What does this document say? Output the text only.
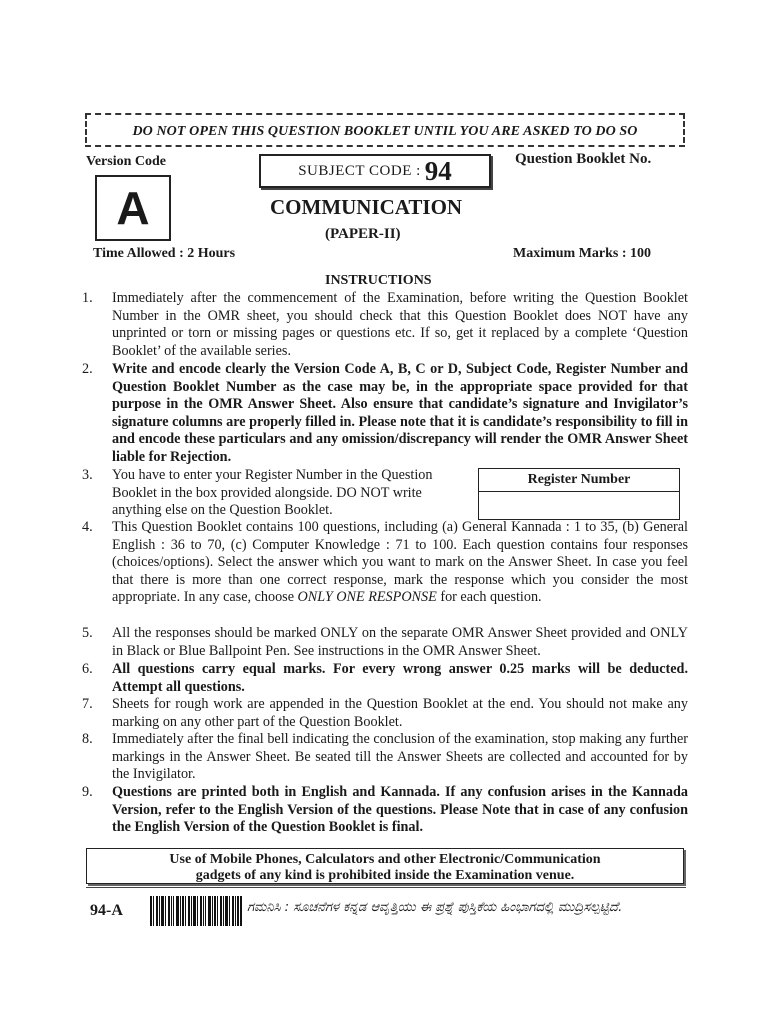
DO NOT OPEN THIS QUESTION BOOKLET UNTIL YOU ARE ASKED TO DO SO
Version Code
A
SUBJECT CODE : 94	Question Booklet No.
COMMUNICATION
(PAPER-II)
Time Allowed : 2 Hours	Maximum Marks : 100
INSTRUCTIONS
1. Immediately after the commencement of the Examination, before writing the Question Booklet Number in the OMR sheet, you should check that this Question Booklet does NOT have any unprinted or torn or missing pages or questions etc. If so, get it replaced by a complete ‘Question Booklet’ of the available series.
2. Write and encode clearly the Version Code A, B, C or D, Subject Code, Register Number and Question Booklet Number as the case may be, in the appropriate space provided for that purpose in the OMR Answer Sheet. Also ensure that candidate’s signature and Invigilator’s signature columns are properly filled in. Please note that it is candidate’s responsibility to fill in and encode these particulars and any omission/discrepancy will render the OMR Answer Sheet liable for Rejection.
3. You have to enter your Register Number in the Question Booklet in the box provided alongside. DO NOT write anything else on the Question Booklet.
Register Number
4. This Question Booklet contains 100 questions, including (a) General Kannada : 1 to 35, (b) General English : 36 to 70, (c) Computer Knowledge : 71 to 100. Each question contains four responses (choices/options). Select the answer which you want to mark on the Answer Sheet. In case you feel that there is more than one correct response, mark the response which you consider the most appropriate. In any case, choose ONLY ONE RESPONSE for each question.
5. All the responses should be marked ONLY on the separate OMR Answer Sheet provided and ONLY in Black or Blue Ballpoint Pen. See instructions in the OMR Answer Sheet.
6. All questions carry equal marks. For every wrong answer 0.25 marks will be deducted. Attempt all questions.
7. Sheets for rough work are appended in the Question Booklet at the end. You should not make any marking on any other part of the Question Booklet.
8. Immediately after the final bell indicating the conclusion of the examination, stop making any further markings in the Answer Sheet. Be seated till the Answer Sheets are collected and accounted for by the Invigilator.
9. Questions are printed both in English and Kannada. If any confusion arises in the Kannada Version, refer to the English Version of the questions. Please Note that in case of any confusion the English Version of the Question Booklet is final.
Use of Mobile Phones, Calculators and other Electronic/Communication
gadgets of any kind is prohibited inside the Examination venue.
94-A	ಗಮನಿಸಿ : ಸೂಚನೆಗಳ ಕನ್ನಡ ಆವೃತ್ತಿಯು ಈ ಪ್ರಶ್ನೆ ಪುಸ್ತಿಕೆಯ ಹಿಂಭಾಗದಲ್ಲಿ ಮುದ್ರಿಸಲ್ಪಟ್ಟಿದೆ.
